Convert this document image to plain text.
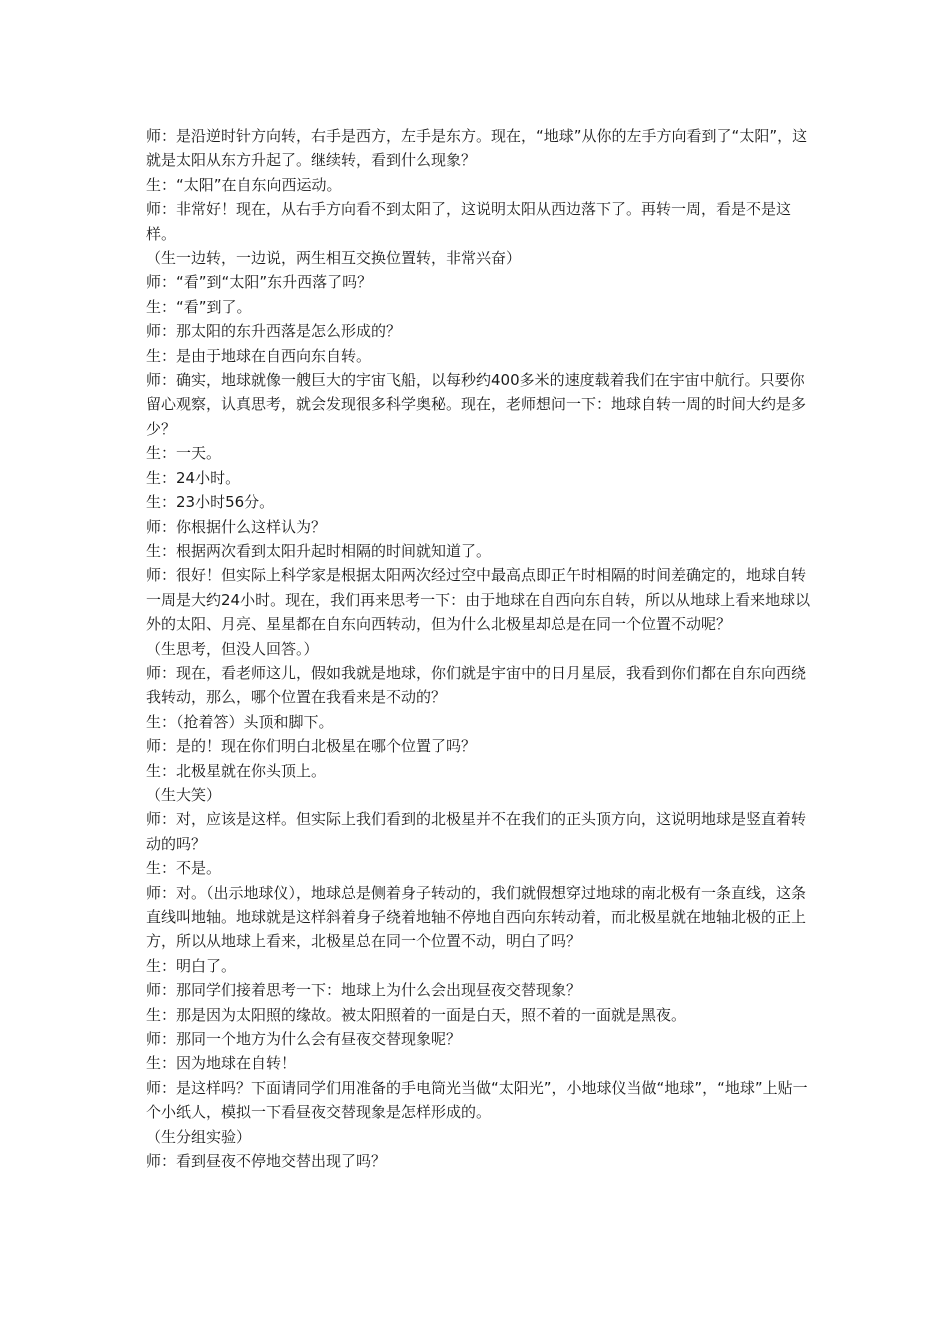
师：是沿逆时针方向转，右手是西方，左手是东方。现在，“地球”从你的左手方向看到了“太阳”，这就是太阳从东方升起了。继续转，看到什么现象？

生：“太阳”在自东向西运动。

师：非常好！现在，从右手方向看不到太阳了，这说明太阳从西边落下了。再转一周，看是不是这样。

（生一边转，一边说，两生相互交换位置转，非常兴奋）

师：“看”到“太阳”东升西落了吗？

生：“看”到了。

师：那太阳的东升西落是怎么形成的？

生：是由于地球在自西向东自转。

师：确实，地球就像一艘巨大的宇宙飞船，以每秒约400多米的速度载着我们在宇宙中航行。只要你留心观察，认真思考，就会发现很多科学奥秘。现在，老师想问一下：地球自转一周的时间大约是多少？

生：一天。

生：24小时。

生：23小时56分。

师：你根据什么这样认为？

生：根据两次看到太阳升起时相隔的时间就知道了。

师：很好！但实际上科学家是根据太阳两次经过空中最高点即正午时相隔的时间差确定的，地球自转一周是大约24小时。现在，我们再来思考一下：由于地球在自西向东自转，所以从地球上看来地球以外的太阳、月亮、星星都在自东向西转动，但为什么北极星却总是在同一个位置不动呢？

（生思考，但没人回答。）

师：现在，看老师这儿，假如我就是地球，你们就是宇宙中的日月星辰，我看到你们都在自东向西绕我转动，那么，哪个位置在我看来是不动的？

生：（抢着答）头顶和脚下。

师：是的！现在你们明白北极星在哪个位置了吗？

生：北极星就在你头顶上。

（生大笑）

师：对，应该是这样。但实际上我们看到的北极星并不在我们的正头顶方向，这说明地球是竖直着转动的吗？

生：不是。

师：对。（出示地球仪），地球总是侧着身子转动的，我们就假想穿过地球的南北极有一条直线，这条直线叫地轴。地球就是这样斜着身子绕着地轴不停地自西向东转动着，而北极星就在地轴北极的正上方，所以从地球上看来，北极星总在同一个位置不动，明白了吗？

生：明白了。

师：那同学们接着思考一下：地球上为什么会出现昼夜交替现象？

生：那是因为太阳照的缘故。被太阳照着的一面是白天，照不着的一面就是黑夜。

师：那同一个地方为什么会有昼夜交替现象呢？

生：因为地球在自转！

师：是这样吗？下面请同学们用准备的手电筒光当做“太阳光”，小地球仪当做“地球”，“地球”上贴一个小纸人，模拟一下看昼夜交替现象是怎样形成的。

（生分组实验）

师：看到昼夜不停地交替出现了吗？
